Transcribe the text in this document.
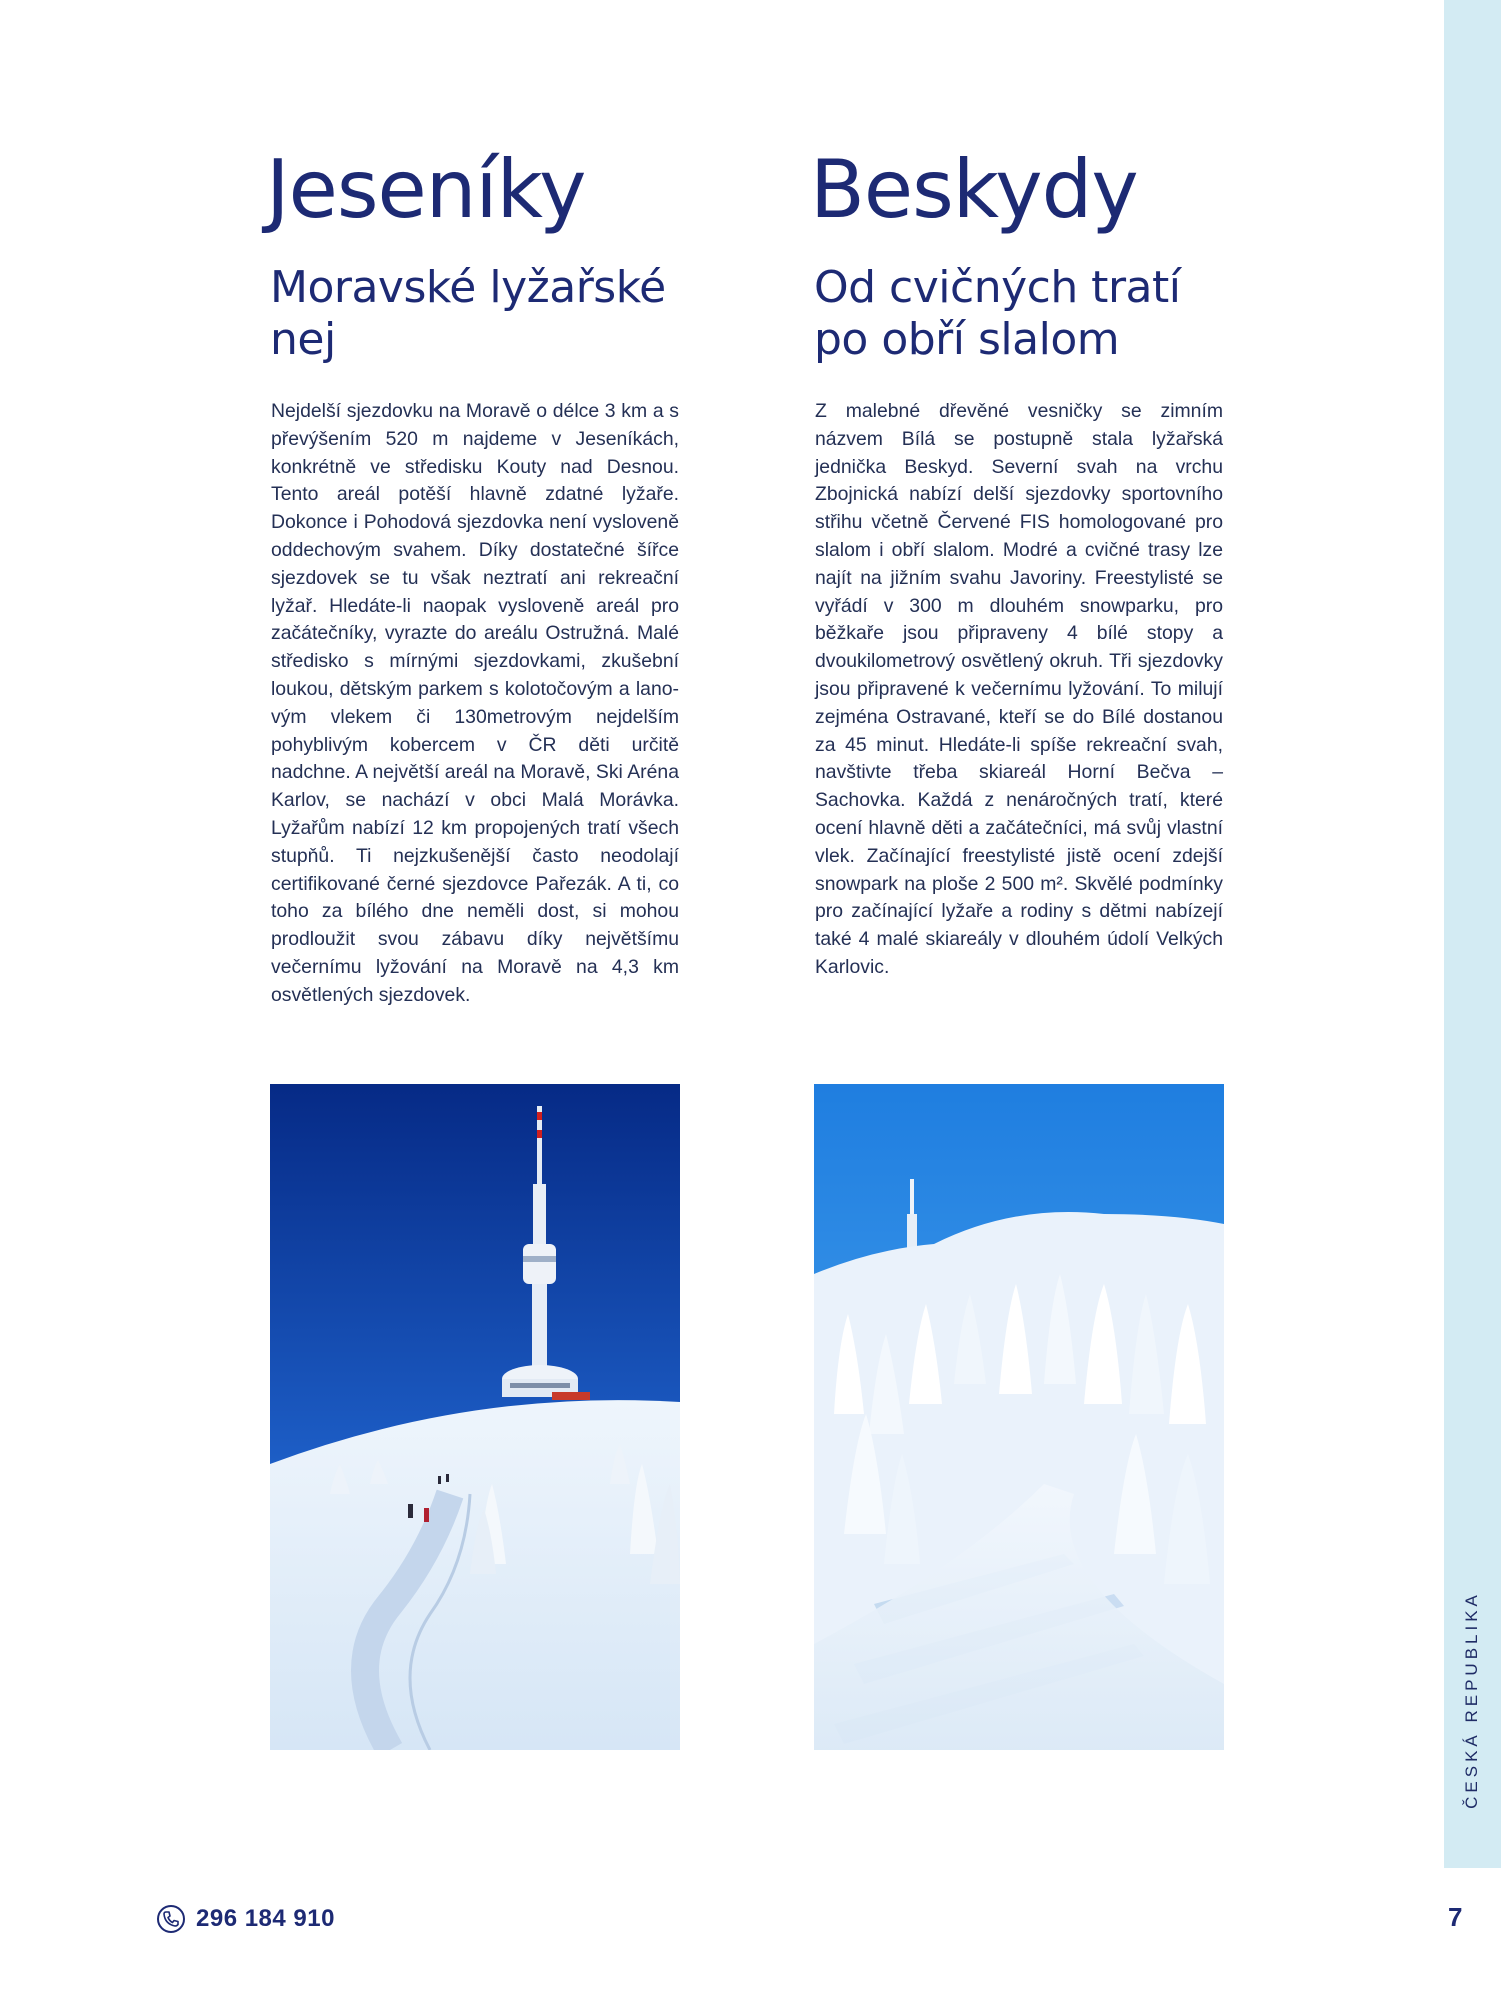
ČESKÁ REPUBLIKA
Jeseníky
Moravské lyžařské nej

Nejdelší sjezdovku na Moravě o délce 3 km a s převýšením 520 m najdeme v Jeseníkách, konkrétně ve středisku Kouty nad Desnou. Tento areál potěší hlavně zdatné lyžaře. Dokonce i Pohodová sjezdovka není vysloveně oddechovým svahem. Díky dostatečné šířce sjezdovek se tu však neztratí ani rekreační lyžař. Hledáte-li naopak vysloveně areál pro začátečníky, vyrazte do areálu Ostružná. Malé středisko s mírnými sjezdovkami, zkušební loukou, dětským parkem s kolotočovým a lanovým vlekem či 130metrovým nejdelším pohyblivým kobercem v ČR děti určitě nadchne. A největší areál na Moravě, Ski Aréna Karlov, se nachází v obci Malá Morávka. Lyžařům nabízí 12 km propojených tratí všech stupňů. Ti nejzkušenější často neodolají certifikované černé sjezdovce Pařezák. A ti, co toho za bílého dne neměli dost, si mohou prodloužit svou zábavu díky největšímu večernímu lyžování na Moravě na 4,3 km osvětlených sjezdovek.

Beskydy
Od cvičných tratí po obří slalom

Z malebné dřevěné vesničky se zimním názvem Bílá se postupně stala lyžařská jednička Beskyd. Severní svah na vrchu Zbojnická nabízí delší sjezdovky sportovního střihu včetně Červené FIS homologované pro slalom i obří slalom. Modré a cvičné trasy lze najít na jižním svahu Javoriny. Freestylisté se vyřádí v 300 m dlouhém snowparku, pro běžkaře jsou připraveny 4 bílé stopy a dvoukilometrový osvětlený okruh. Tři sjezdovky jsou připravené k večernímu lyžování. To milují zejména Ostravané, kteří se do Bílé dostanou za 45 minut. Hledáte-li spíše rekreační svah, navštivte třeba skiareál Horní Bečva – Sachovka. Každá z nenáročných tratí, které ocení hlavně děti a začátečníci, má svůj vlastní vlek. Začínající freestylisté jistě ocení zdejší snowpark na ploše 2 500 m². Skvělé podmínky pro začínající lyžaře a rodiny s dětmi nabízejí také 4 malé skiareály v dlouhém údolí Velkých Karlovic.

296 184 910	7
